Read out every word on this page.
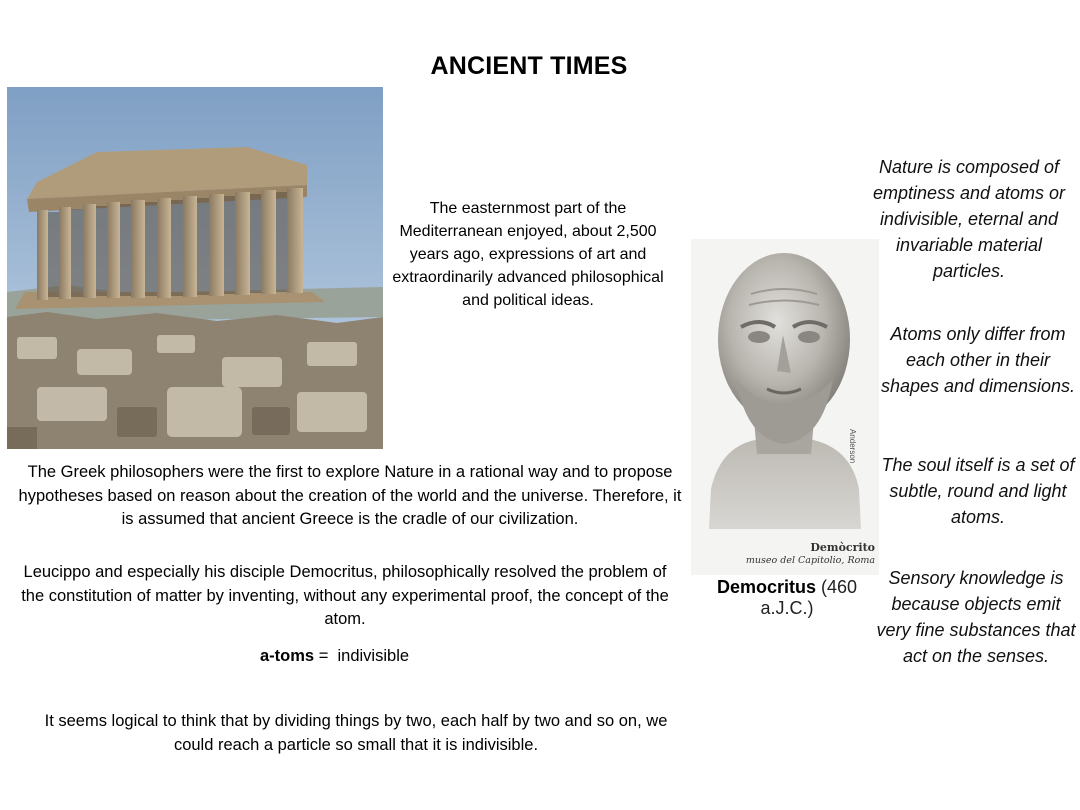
ANCIENT TIMES

The easternmost part of the Mediterranean enjoyed, about 2,500 years ago, expressions of art and extraordinarily advanced philosophical and political ideas.

The Greek philosophers were the first to explore Nature in a rational way and to propose hypotheses based on reason about the creation of the world and the universe. Therefore, it is assumed that ancient Greece is the cradle of our civilization.

Leucippo and especially his disciple Democritus, philosophically resolved the problem of the constitution of matter by inventing, without any experimental proof, the concept of the atom.

a-toms = indivisible

It seems logical to think that by dividing things by two, each half by two and so on, we could reach a particle so small that it is indivisible.

Demòcrito
museo del Capitolio, Roma
Anderson
Democritus (460 a.J.C.)

Nature is composed of emptiness and atoms or indivisible, eternal and invariable material particles.

Atoms only differ from each other in their shapes and dimensions.

The soul itself is a set of subtle, round and light atoms.

Sensory knowledge is because objects emit very fine substances that act on the senses.
